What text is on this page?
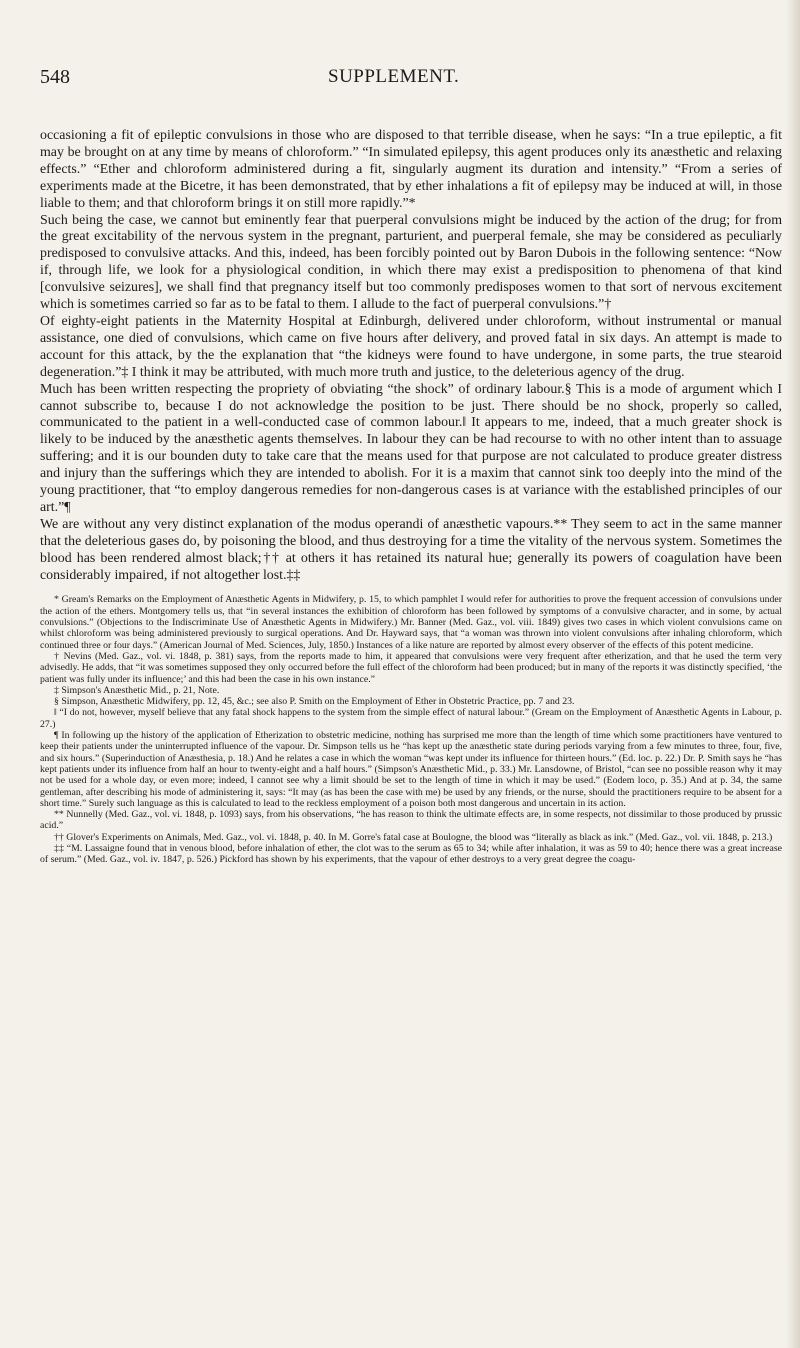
548	SUPPLEMENT.

occasioning a fit of epileptic convulsions in those who are disposed to that terrible disease, when he says: “In a true epileptic, a fit may be brought on at any time by means of chloroform.” “In simulated epilepsy, this agent produces only its anæsthetic and relaxing effects.” “Ether and chloroform administered during a fit, singularly augment its duration and intensity.” “From a series of experiments made at the Bicetre, it has been demonstrated, that by ether inhalations a fit of epilepsy may be induced at will, in those liable to them; and that chloroform brings it on still more rapidly.”*

Such being the case, we cannot but eminently fear that puerperal convulsions might be induced by the action of the drug; for from the great excitability of the nervous system in the pregnant, parturient, and puerperal female, she may be considered as peculiarly predisposed to convulsive attacks. And this, indeed, has been forcibly pointed out by Baron Dubois in the following sentence: “Now if, through life, we look for a physiological condition, in which there may exist a predisposition to phenomena of that kind [convulsive seizures], we shall find that pregnancy itself but too commonly predisposes women to that sort of nervous excitement which is sometimes carried so far as to be fatal to them. I allude to the fact of puerperal convulsions.”†

Of eighty-eight patients in the Maternity Hospital at Edinburgh, delivered under chloroform, without instrumental or manual assistance, one died of convulsions, which came on five hours after delivery, and proved fatal in six days. An attempt is made to account for this attack, by the the explanation that “the kidneys were found to have undergone, in some parts, the true stearoid degeneration.”‡ I think it may be attributed, with much more truth and justice, to the deleterious agency of the drug.

Much has been written respecting the propriety of obviating “the shock” of ordinary labour.§ This is a mode of argument which I cannot subscribe to, because I do not acknowledge the position to be just. There should be no shock, properly so called, communicated to the patient in a well-conducted case of common labour.‖ It appears to me, indeed, that a much greater shock is likely to be induced by the anæsthetic agents themselves. In labour they can be had recourse to with no other intent than to assuage suffering; and it is our bounden duty to take care that the means used for that purpose are not calculated to produce greater distress and injury than the sufferings which they are intended to abolish. For it is a maxim that cannot sink too deeply into the mind of the young practitioner, that “to employ dangerous remedies for non-dangerous cases is at variance with the established principles of our art.”¶

We are without any very distinct explanation of the modus operandi of anæsthetic vapours.** They seem to act in the same manner that the deleterious gases do, by poisoning the blood, and thus destroying for a time the vitality of the nervous system. Sometimes the blood has been rendered almost black;†† at others it has retained its natural hue; generally its powers of coagulation have been considerably impaired, if not altogether lost.‡‡

* Gream's Remarks on the Employment of Anæsthetic Agents in Midwifery, p. 15, to which pamphlet I would refer for authorities to prove the frequent accession of convulsions under the action of the ethers. Montgomery tells us, that “in several instances the exhibition of chloroform has been followed by symptoms of a convulsive character, and in some, by actual convulsions.” (Objections to the Indiscriminate Use of Anæsthetic Agents in Midwifery.) Mr. Banner (Med. Gaz., vol. viii. 1849) gives two cases in which violent convulsions came on whilst chloroform was being administered previously to surgical operations. And Dr. Hayward says, that “a woman was thrown into violent convulsions after inhaling chloroform, which continued three or four days.” (American Journal of Med. Sciences, July, 1850.) Instances of a like nature are reported by almost every observer of the effects of this potent medicine.

† Nevins (Med. Gaz., vol. vi. 1848, p. 381) says, from the reports made to him, it appeared that convulsions were very frequent after etherization, and that he used the term very advisedly. He adds, that “it was sometimes supposed they only occurred before the full effect of the chloroform had been produced; but in many of the reports it was distinctly specified, ‘the patient was fully under its influence;’ and this had been the case in his own instance.”

‡ Simpson's Anæsthetic Mid., p. 21, Note.

§ Simpson, Anæsthetic Midwifery, pp. 12, 45, &c.; see also P. Smith on the Employment of Ether in Obstetric Practice, pp. 7 and 23.

‖ “I do not, however, myself believe that any fatal shock happens to the system from the simple effect of natural labour.” (Gream on the Employment of Anæsthetic Agents in Labour, p. 27.)

¶ In following up the history of the application of Etherization to obstetric medicine, nothing has surprised me more than the length of time which some practitioners have ventured to keep their patients under the uninterrupted influence of the vapour. Dr. Simpson tells us he “has kept up the anæsthetic state during periods varying from a few minutes to three, four, five, and six hours.” (Superinduction of Anæsthesia, p. 18.) And he relates a case in which the woman “was kept under its influence for thirteen hours.” (Ed. loc. p. 22.) Dr. P. Smith says he “has kept patients under its influence from half an hour to twenty-eight and a half hours.” (Simpson's Anæsthetic Mid., p. 33.) Mr. Lansdowne, of Bristol, “can see no possible reason why it may not be used for a whole day, or even more; indeed, I cannot see why a limit should be set to the length of time in which it may be used.” (Eodem loco, p. 35.) And at p. 34, the same gentleman, after describing his mode of administering it, says: “It may (as has been the case with me) be used by any friends, or the nurse, should the practitioners require to be absent for a short time.” Surely such language as this is calculated to lead to the reckless employment of a poison both most dangerous and uncertain in its action.

** Nunnelly (Med. Gaz., vol. vi. 1848, p. 1093) says, from his observations, “he has reason to think the ultimate effects are, in some respects, not dissimilar to those produced by prussic acid.”

†† Glover's Experiments on Animals, Med. Gaz., vol. vi. 1848, p. 40. In M. Gorre's fatal case at Boulogne, the blood was “literally as black as ink.” (Med. Gaz., vol. vii. 1848, p. 213.)

‡‡ “M. Lassaigne found that in venous blood, before inhalation of ether, the clot was to the serum as 65 to 34; while after inhalation, it was as 59 to 40; hence there was a great increase of serum.” (Med. Gaz., vol. iv. 1847, p. 526.) Pickford has shown by his experiments, that the vapour of ether destroys to a very great degree the coagu-
